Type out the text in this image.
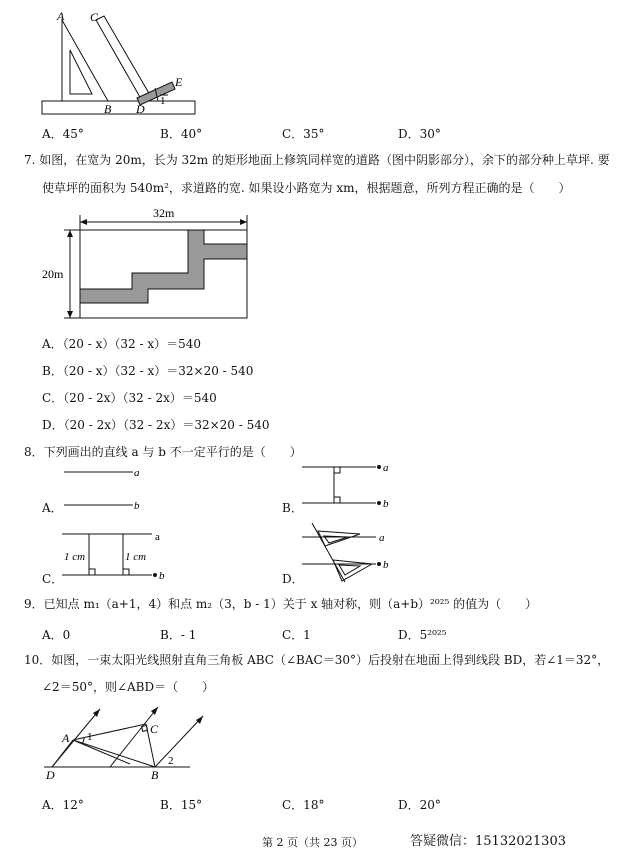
A C
B D
E
1
A．45°	B．40°	C．35°	D．30°
7. 如图，在宽为 20m，长为 32m 的矩形地面上修筑同样宽的道路（图中阴影部分），余下的部分种上草坪. 要
使草坪的面积为 540m²，求道路的宽. 如果设小路宽为 xm，根据题意，所列方程正确的是（　　）
32m
20m
A．（20 - x）（32 - x）＝540
B．（20 - x）（32 - x）＝32×20 - 540
C．（20 - 2x）（32 - 2x）＝540
D．（20 - 2x）（32 - 2x）＝32×20 - 540
8．下列画出的直线 a 与 b 不一定平行的是（　　）
a
b
a
b
a
b
1 cm	1 cm
a
b
A．	B．
C．	D．
9．已知点 m₁（a+1，4）和点 m₂（3，b - 1）关于 x 轴对称，则（a+b）²⁰²⁵ 的值为（　　）
A．0	B．- 1	C．1	D．5²⁰²⁵
10．如图，一束太阳光线照射直角三角板 ABC（∠BAC＝30°）后投射在地面上得到线段 BD，若∠1＝32°，
∠2＝50°，则∠ABD＝（　　）
A 1
C
D	B
2
A．12°	B．15°	C．18°	D．20°
第 2 页（共 23 页）	答疑微信：15132021303
